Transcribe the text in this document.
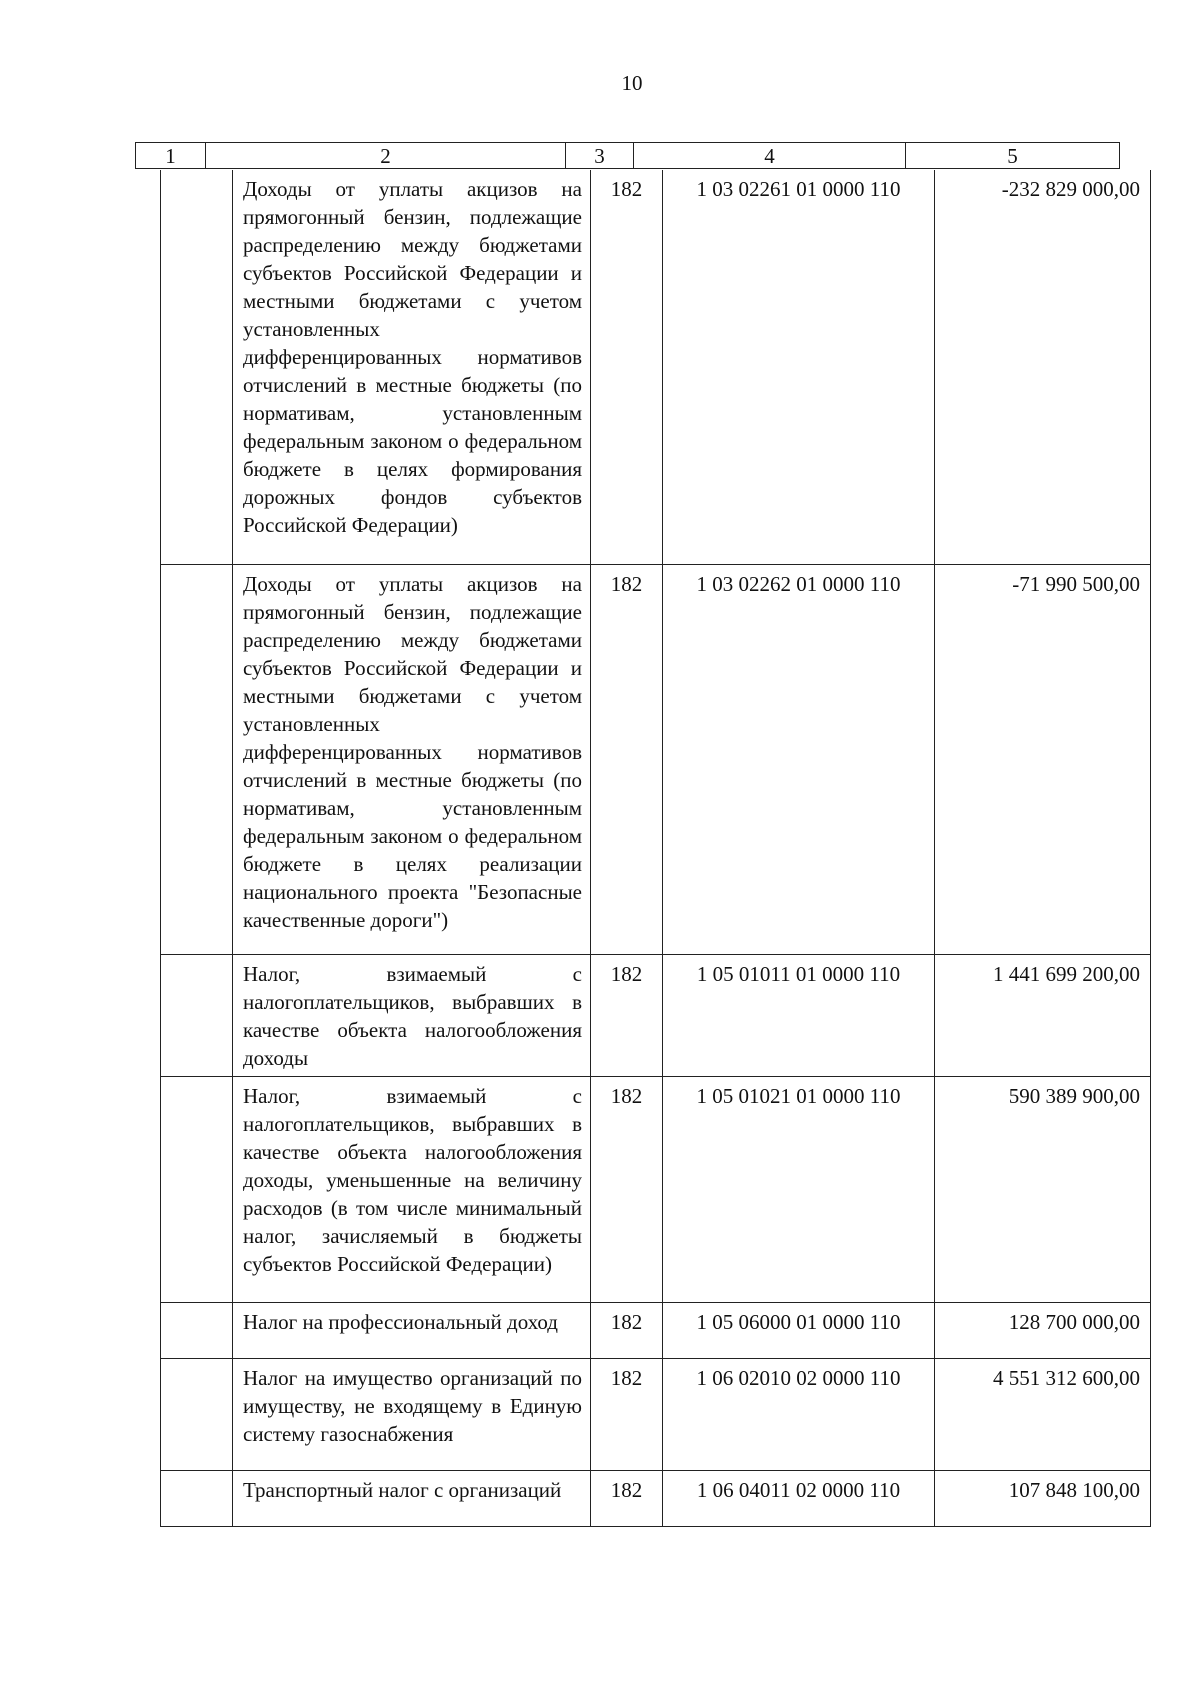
10
1	2	3	4	5
	Доходы от уплаты акцизов на прямогонный бензин, подлежащие распределению между бюджетами субъектов Российской Федерации и местными бюджетами с учетом установленных дифференцированных нормативов отчислений в местные бюджеты (по нормативам, установленным федеральным законом о федеральном бюджете в целях формирования дорожных фондов субъектов Российской Федерации)	182	1 03 02261 01 0000 110	-232 829 000,00
	Доходы от уплаты акцизов на прямогонный бензин, подлежащие распределению между бюджетами субъектов Российской Федерации и местными бюджетами с учетом установленных дифференцированных нормативов отчислений в местные бюджеты (по нормативам, установленным федеральным законом о федеральном бюджете в целях реализации национального проекта "Безопасные качественные дороги")	182	1 03 02262 01 0000 110	-71 990 500,00
	Налог, взимаемый с налогоплательщиков, выбравших в качестве объекта налогообложения доходы	182	1 05 01011 01 0000 110	1 441 699 200,00
	Налог, взимаемый с налогоплательщиков, выбравших в качестве объекта налогообложения доходы, уменьшенные на величину расходов (в том числе минимальный налог, зачисляемый в бюджеты субъектов Российской Федерации)	182	1 05 01021 01 0000 110	590 389 900,00
	Налог на профессиональный доход	182	1 05 06000 01 0000 110	128 700 000,00
	Налог на имущество организаций по имуществу, не входящему в Единую систему газоснабжения	182	1 06 02010 02 0000 110	4 551 312 600,00
	Транспортный налог с организаций	182	1 06 04011 02 0000 110	107 848 100,00
